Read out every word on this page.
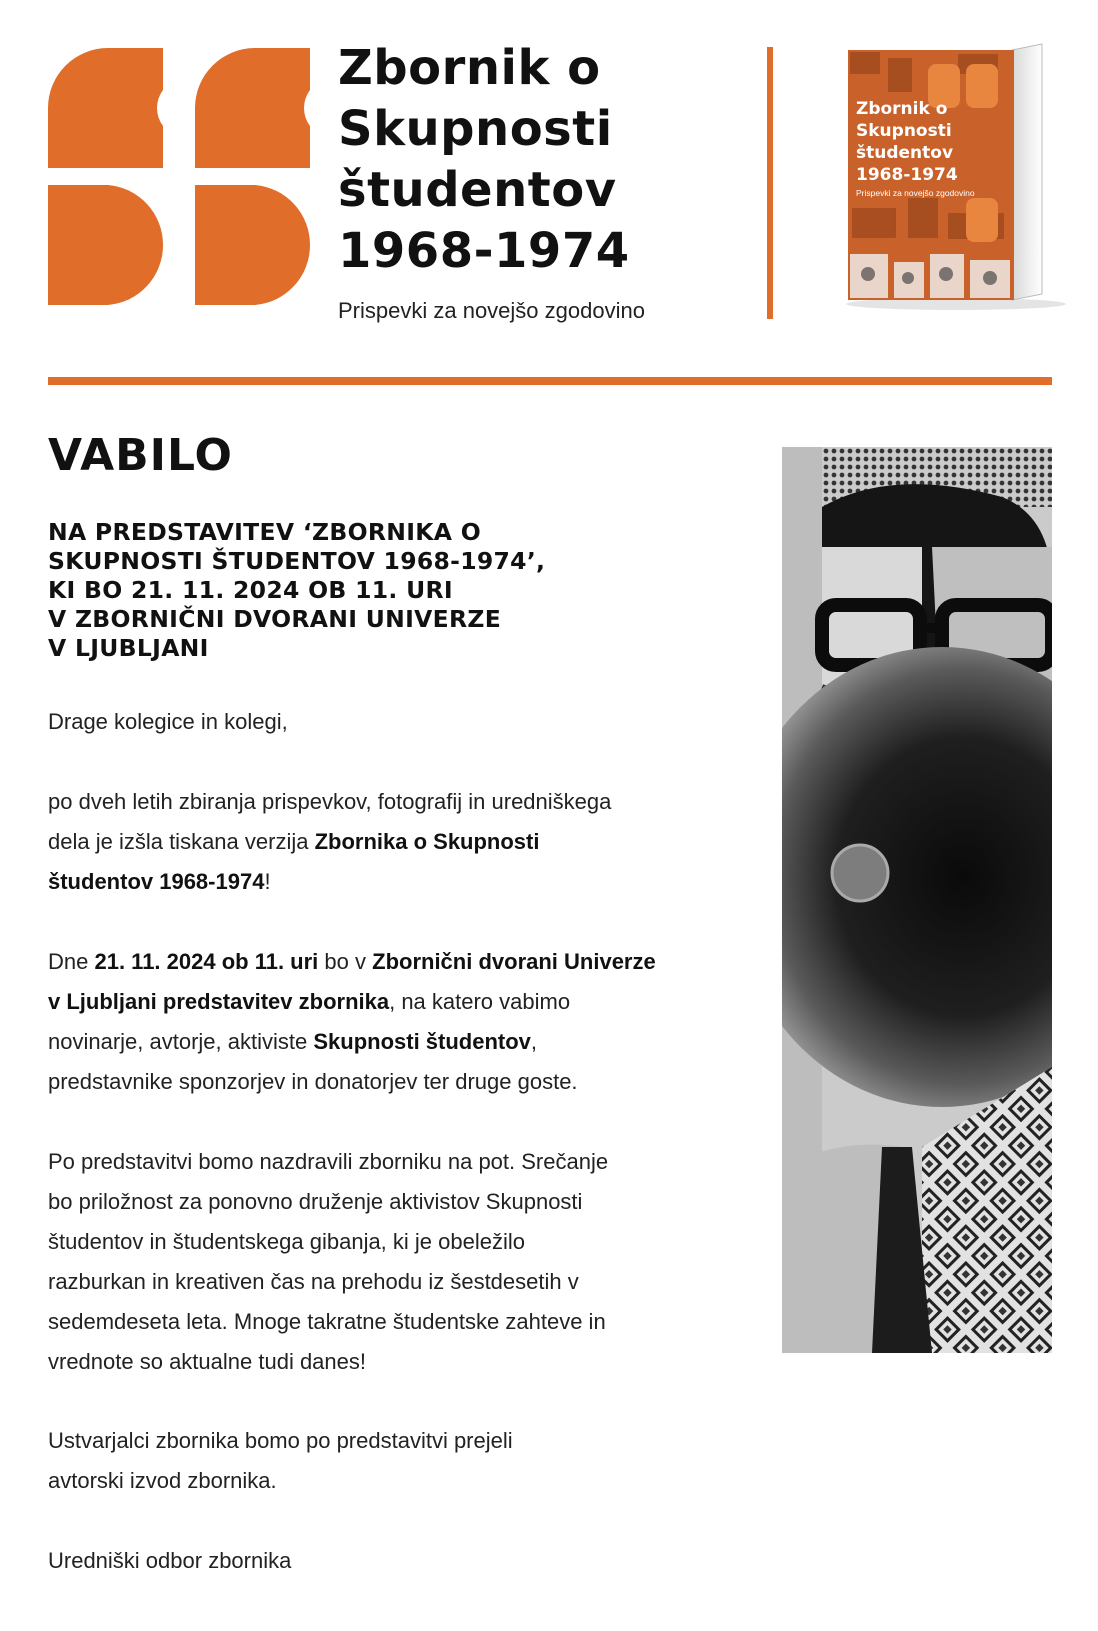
Zbornik o
Skupnosti
študentov
1968-1974
Prispevki za novejšo zgodovino
Zbornik o Skupnosti študentov 1968-1974
Prispevki za novejšo zgodovino
VABILO
NA PREDSTAVITEV ‘ZBORNIKA O
SKUPNOSTI ŠTUDENTOV 1968-1974’,
KI BO 21. 11. 2024 OB 11. URI
V ZBORNIČNI DVORANI UNIVERZE
V LJUBLJANI
Drage kolegice in kolegi,
po dveh letih zbiranja prispevkov, fotografij in uredniškega dela je izšla tiskana verzija Zbornika o Skupnosti študentov 1968-1974!
Dne 21. 11. 2024 ob 11. uri bo v Zbornični dvorani Univerze v Ljubljani predstavitev zbornika, na katero vabimo novinarje, avtorje, aktiviste Skupnosti študentov, predstavnike sponzorjev in donatorjev ter druge goste.
Po predstavitvi bomo nazdravili zborniku na pot. Srečanje bo priložnost za ponovno druženje aktivistov Skupnosti študentov in študentskega gibanja, ki je obeležilo razburkan in kreativen čas na prehodu iz šestdesetih v sedemdeseta leta. Mnoge takratne študentske zahteve in vrednote so aktualne tudi danes!
Ustvarjalci zbornika bomo po predstavitvi prejeli avtorski izvod zbornika.
Uredniški odbor zbornika
